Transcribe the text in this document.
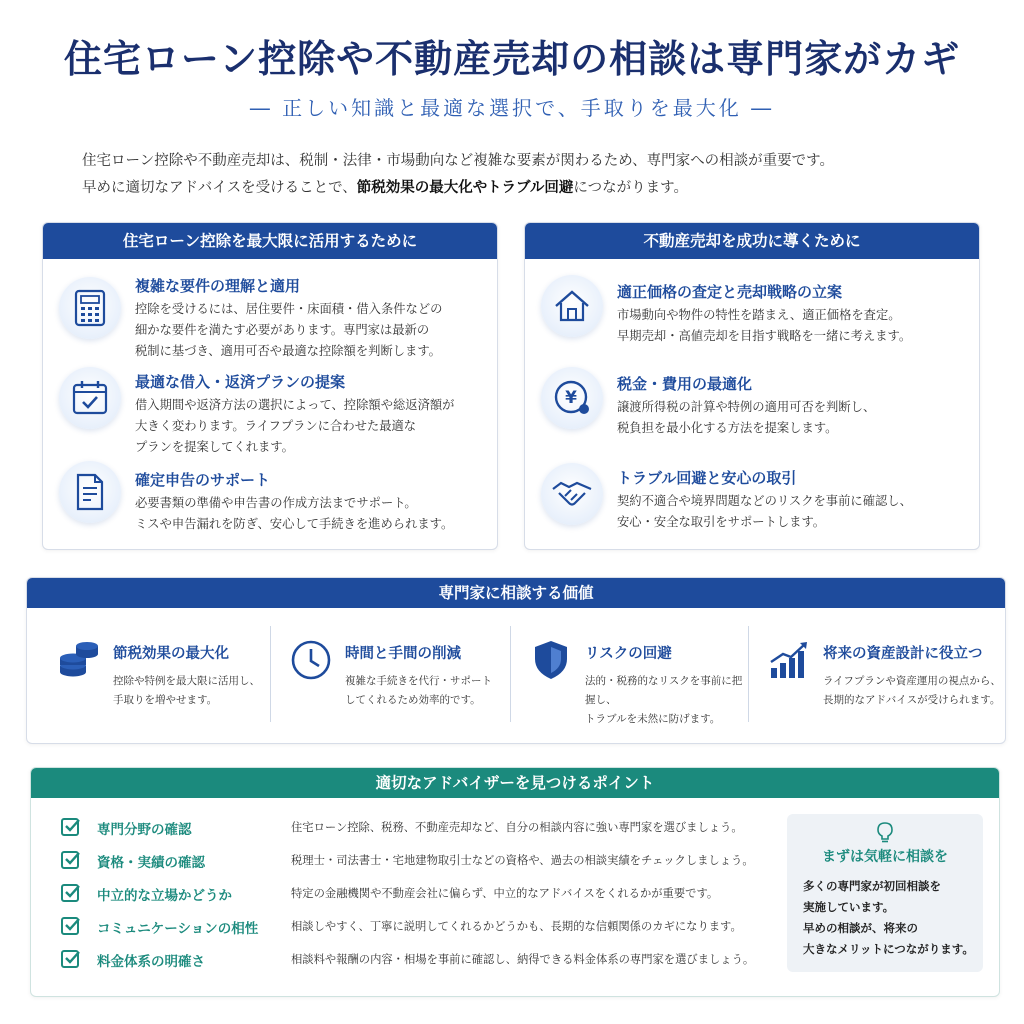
住宅ローン控除や不動産売却の相談は専門家がカギ
― 正しい知識と最適な選択で、手取りを最大化 ―
住宅ローン控除や不動産売却は、税制・法律・市場動向など複雑な要素が関わるため、専門家への相談が重要です。
早めに適切なアドバイスを受けることで、節税効果の最大化やトラブル回避につながります。
住宅ローン控除を最大限に活用するために
複雑な要件の理解と適用
控除を受けるには、居住要件・床面積・借入条件などの
細かな要件を満たす必要があります。専門家は最新の
税制に基づき、適用可否や最適な控除額を判断します。
最適な借入・返済プランの提案
借入期間や返済方法の選択によって、控除額や総返済額が
大きく変わります。ライフプランに合わせた最適な
プランを提案してくれます。
確定申告のサポート
必要書類の準備や申告書の作成方法までサポート。
ミスや申告漏れを防ぎ、安心して手続きを進められます。
不動産売却を成功に導くために
適正価格の査定と売却戦略の立案
市場動向や物件の特性を踏まえ、適正価格を査定。
早期売却・高値売却を目指す戦略を一緒に考えます。
¥
税金・費用の最適化
譲渡所得税の計算や特例の適用可否を判断し、
税負担を最小化する方法を提案します。
トラブル回避と安心の取引
契約不適合や境界問題などのリスクを事前に確認し、
安心・安全な取引をサポートします。
専門家に相談する価値
節税効果の最大化
控除や特例を最大限に活用し、
手取りを増やせます。
時間と手間の削減
複雑な手続きを代行・サポート
してくれるため効率的です。
リスクの回避
法的・税務的なリスクを事前に把握し、
トラブルを未然に防げます。
将来の資産設計に役立つ
ライフプランや資産運用の視点から、
長期的なアドバイスが受けられます。
適切なアドバイザーを見つけるポイント
専門分野の確認	住宅ローン控除、税務、不動産売却など、自分の相談内容に強い専門家を選びましょう。
資格・実績の確認	税理士・司法書士・宅地建物取引士などの資格や、過去の相談実績をチェックしましょう。
中立的な立場かどうか	特定の金融機関や不動産会社に偏らず、中立的なアドバイスをくれるかが重要です。
コミュニケーションの相性	相談しやすく、丁寧に説明してくれるかどうかも、長期的な信頼関係のカギになります。
料金体系の明確さ	相談料や報酬の内容・相場を事前に確認し、納得できる料金体系の専門家を選びましょう。
まずは気軽に相談を
多くの専門家が初回相談を
実施しています。
早めの相談が、将来の
大きなメリットにつながります。
